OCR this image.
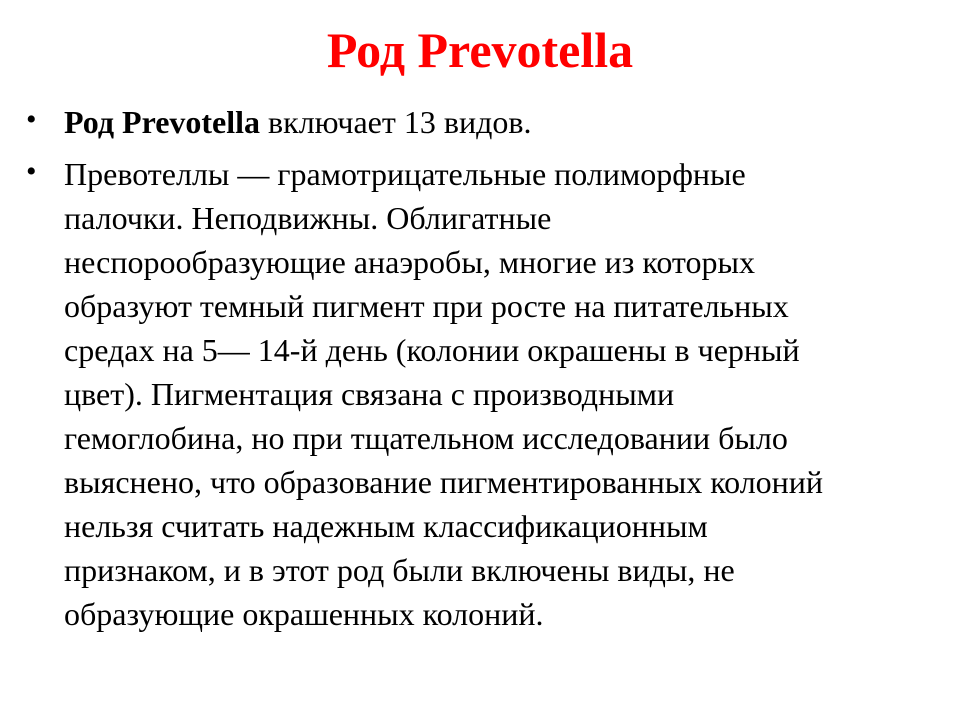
Род Prevotella
• Род Prevotella включает 13 видов.
• Превотеллы — грамотрицательные полиморфные
палочки. Неподвижны. Облигатные
неспорообразующие анаэробы, многие из которых
образуют темный пигмент при росте на питательных
средах на 5— 14-й день (колонии окрашены в черный
цвет). Пигментация связана с производными
гемоглобина, но при тщательном исследовании было
выяснено, что образование пигментированных колоний
нельзя считать надежным классификационным
признаком, и в этот род были включены виды, не
образующие окрашенных колоний.
